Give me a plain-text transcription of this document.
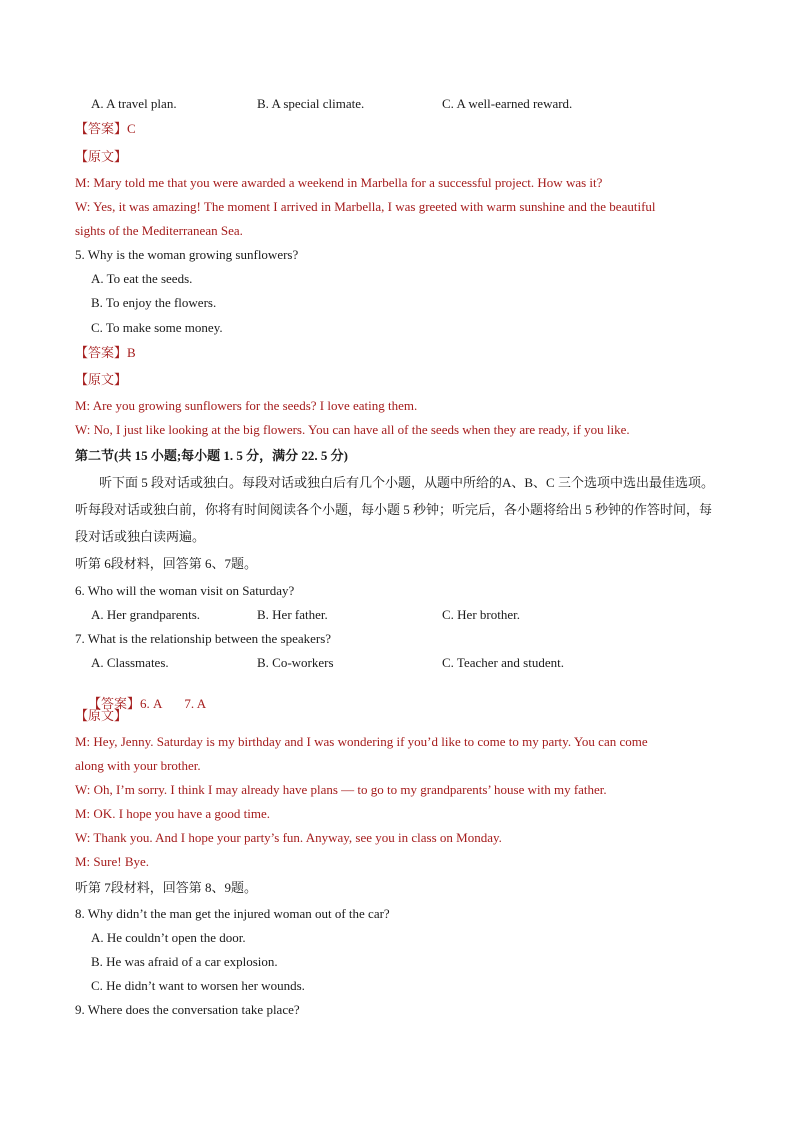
A. A travel plan.	B. A special climate.	C. A well-earned reward.
【答案】C
【原文】
M: Mary told me that you were awarded a weekend in Marbella for a successful project. How was it?
W: Yes, it was amazing! The moment I arrived in Marbella, I was greeted with warm sunshine and the beautiful
sights of the Mediterranean Sea.
5. Why is the woman growing sunflowers?
A. To eat the seeds.
B. To enjoy the flowers.
C. To make some money.
【答案】B
【原文】
M: Are you growing sunflowers for the seeds? I love eating them.
W: No, I just like looking at the big flowers. You can have all of the seeds when they are ready, if you like.
第二节(共 15 小题;每小题 1. 5 分，满分 22. 5 分)
听下面 5 段对话或独白。每段对话或独白后有几个小题，从题中所给的A、B、C 三个选项中选出最佳选项。听每段对话或独白前，你将有时间阅读各个小题，每小题 5 秒钟；听完后，各小题将给出 5 秒钟的作答时间，每段对话或独白读两遍。
听第 6段材料，回答第 6、7题。
6. Who will the woman visit on Saturday?
A. Her grandparents.	B. Her father.	C. Her brother.
7. What is the relationship between the speakers?
A. Classmates.	B. Co-workers	C. Teacher and student.

【答案】6. A       7. A

【原文】
M: Hey, Jenny. Saturday is my birthday and I was wondering if you’d like to come to my party. You can come
along with your brother.
W: Oh, I’m sorry. I think I may already have plans — to go to my grandparents’ house with my father.
M: OK. I hope you have a good time.
W: Thank you. And I hope your party’s fun. Anyway, see you in class on Monday.
M: Sure! Bye.
听第 7段材料，回答第 8、9题。
8. Why didn’t the man get the injured woman out of the car?
A. He couldn’t open the door.
B. He was afraid of a car explosion.
C. He didn’t want to worsen her wounds.
9. Where does the conversation take place?
